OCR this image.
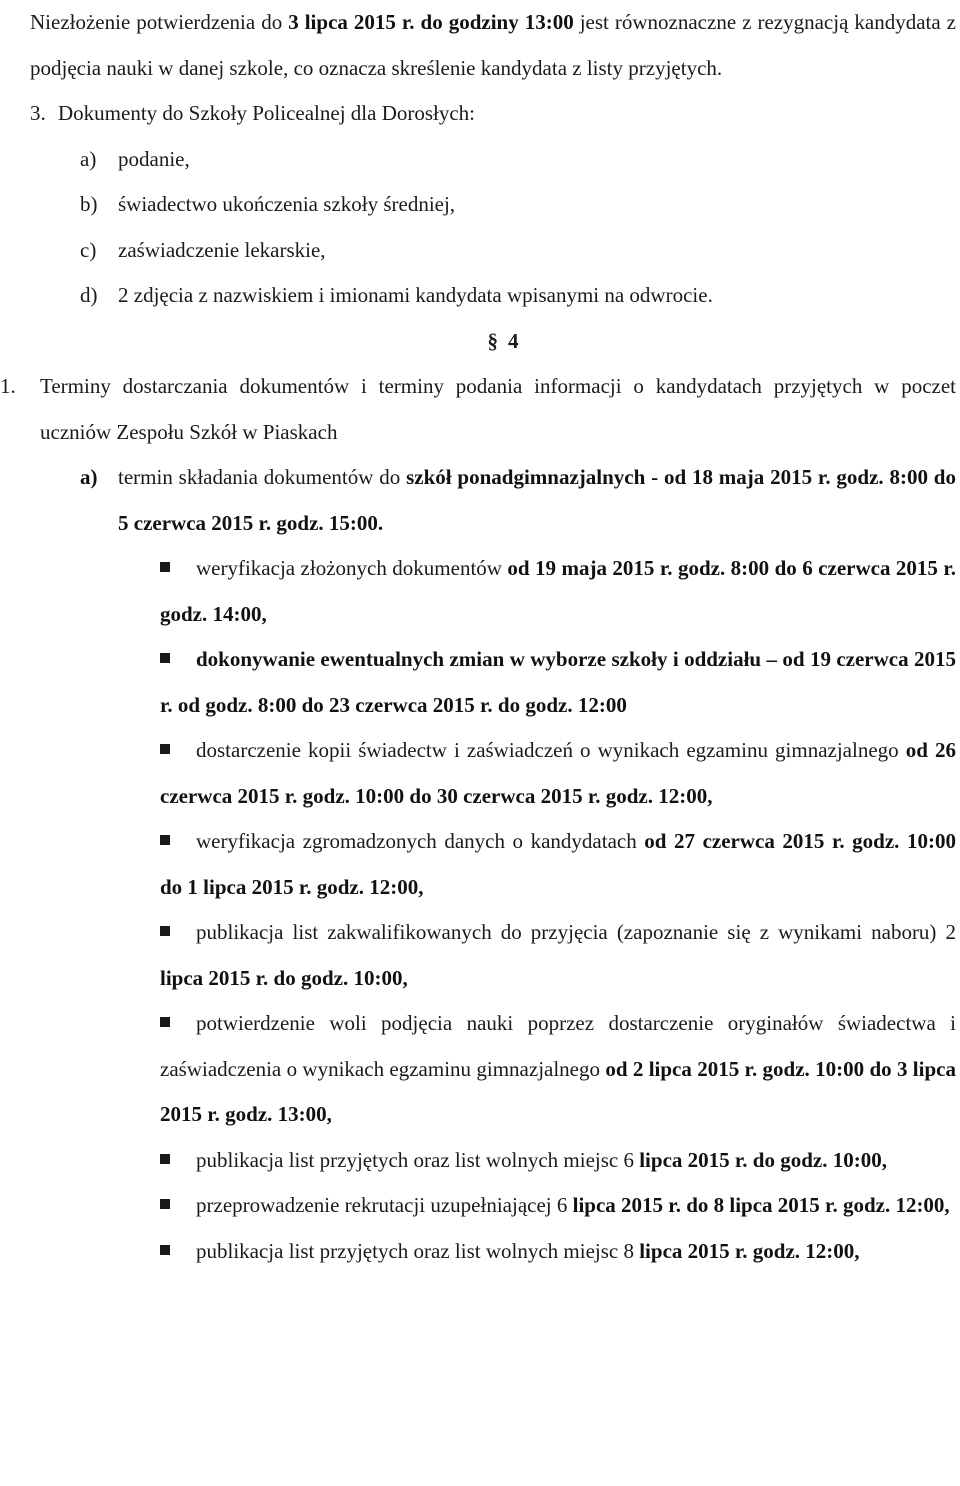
Niezłożenie potwierdzenia do 3 lipca 2015 r. do godziny 13:00 jest równoznaczne z rezygnacją kandydata z podjęcia nauki w danej szkole, co oznacza skreślenie kandydata z listy przyjętych.

3. Dokumenty do Szkoły Policealnej dla Dorosłych:

a) podanie,

b) świadectwo ukończenia szkoły średniej,

c) zaświadczenie lekarskie,

d) 2 zdjęcia z nazwiskiem i imionami kandydata wpisanymi na odwrocie.

§ 4

1. Terminy dostarczania dokumentów i terminy podania informacji o kandydatach przyjętych w poczet uczniów Zespołu Szkół w Piaskach

a) termin składania dokumentów do szkół ponadgimnazjalnych - od 18 maja 2015 r. godz. 8:00 do 5 czerwca 2015 r. godz. 15:00.

weryfikacja złożonych dokumentów od 19 maja 2015 r. godz. 8:00 do 6 czerwca 2015 r. godz. 14:00,

dokonywanie ewentualnych zmian w wyborze szkoły i oddziału – od 19 czerwca 2015 r. od godz. 8:00 do 23 czerwca 2015 r. do godz. 12:00

dostarczenie kopii świadectw i zaświadczeń o wynikach egzaminu gimnazjalnego od 26 czerwca 2015 r. godz. 10:00 do 30 czerwca 2015 r. godz. 12:00,

weryfikacja zgromadzonych danych o kandydatach od 27 czerwca 2015 r. godz. 10:00 do 1 lipca 2015 r. godz. 12:00,

publikacja list zakwalifikowanych do przyjęcia (zapoznanie się z wynikami naboru) 2 lipca 2015 r. do godz. 10:00,

potwierdzenie woli podjęcia nauki poprzez dostarczenie oryginałów świadectwa i zaświadczenia o wynikach egzaminu gimnazjalnego od 2 lipca 2015 r. godz. 10:00 do 3 lipca 2015 r. godz. 13:00,

publikacja list przyjętych oraz list wolnych miejsc 6 lipca 2015 r. do godz. 10:00,

przeprowadzenie rekrutacji uzupełniającej 6 lipca 2015 r. do 8 lipca 2015 r. godz. 12:00,

publikacja list przyjętych oraz list wolnych miejsc 8 lipca 2015 r. godz. 12:00,
